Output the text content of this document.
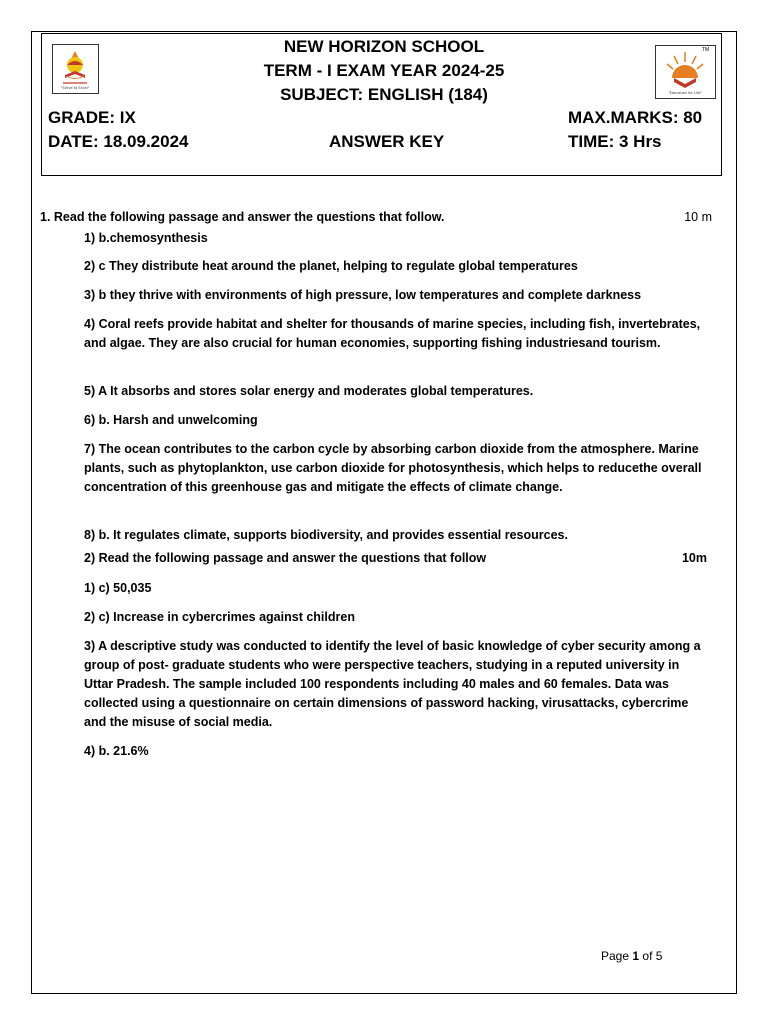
"Strive to Excel"
"Education for Life"
TM
NEW HORIZON SCHOOL
TERM - I EXAM YEAR 2024-25
SUBJECT: ENGLISH (184)
GRADE: IX	MAX.MARKS: 80
DATE: 18.09.2024	ANSWER KEY	TIME: 3 Hrs
1. Read the following passage and answer the questions that follow.	10 m
1) b.chemosynthesis
2) c They distribute heat around the planet, helping to regulate global temperatures
3) b they thrive with environments of high pressure, low temperatures and complete darkness
4) Coral reefs provide habitat and shelter for thousands of marine species, including fish, invertebrates, and algae. They are also crucial for human economies, supporting fishing industriesand tourism.
5) A It absorbs and stores solar energy and moderates global temperatures.
6) b. Harsh and unwelcoming
7) The ocean contributes to the carbon cycle by absorbing carbon dioxide from the atmosphere. Marine plants, such as phytoplankton, use carbon dioxide for photosynthesis, which helps to reducethe overall concentration of this greenhouse gas and mitigate the effects of climate change.
8) b. It regulates climate, supports biodiversity, and provides essential resources.
2) Read the following passage and answer the questions that follow	10m
1) c) 50,035
2) c) Increase in cybercrimes against children
3) A descriptive study was conducted to identify the level of basic knowledge of cyber security among a group of post- graduate students who were perspective teachers, studying in a reputed university in Uttar Pradesh. The sample included 100 respondents including 40 males and 60 females. Data was collected using a questionnaire on certain dimensions of password hacking, virusattacks, cybercrime and the misuse of social media.
4) b. 21.6%
Page 1 of 5
